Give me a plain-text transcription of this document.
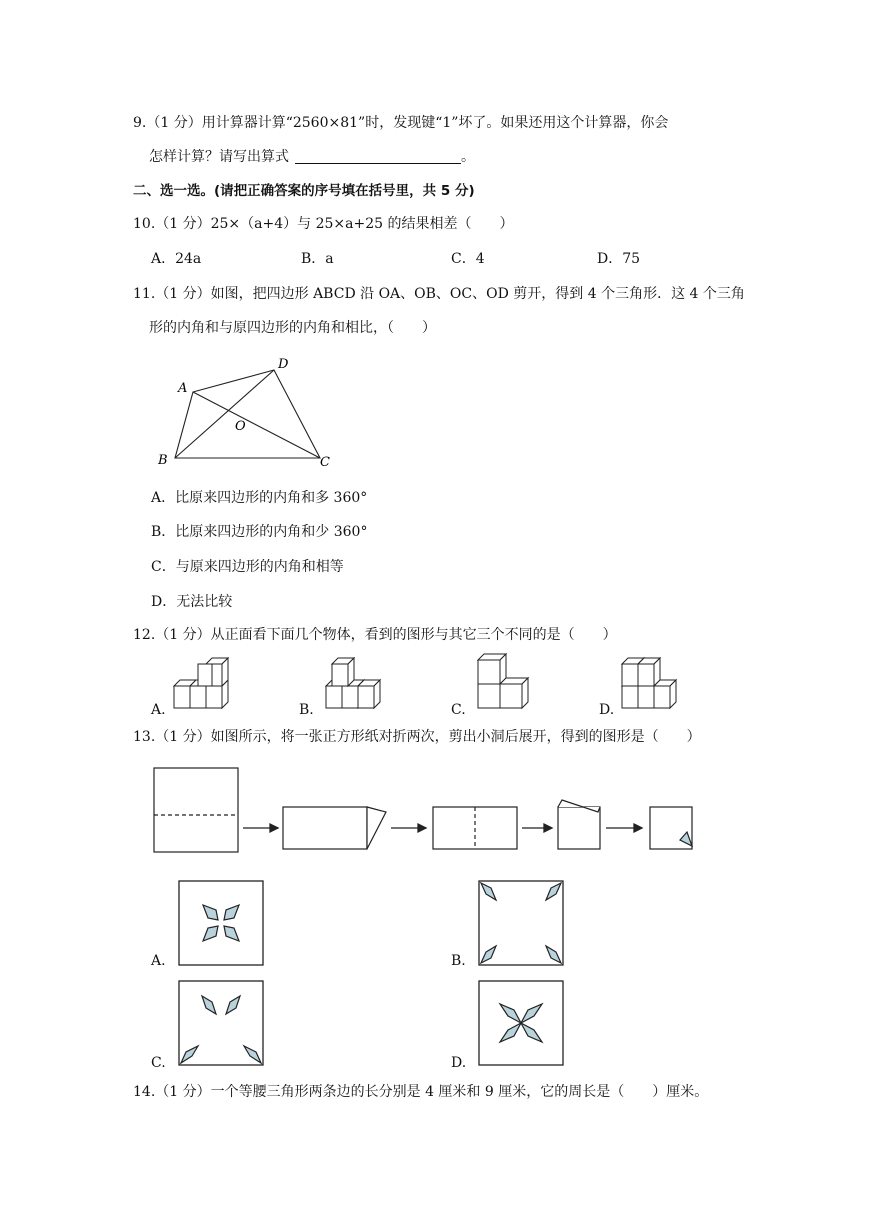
9.（1 分）用计算器计算“2560×81”时，发现键“1”坏了。如果还用这个计算器，你会
怎样计算？请写出算式	。
二、选一选。(请把正确答案的序号填在括号里，共 5 分)
10.（1 分）25×（a+4）与 25×a+25 的结果相差（　　）
A．24a	B．a	C．4	D．75
11.（1 分）如图，把四边形 ABCD 沿 OA、OB、OC、OD 剪开，得到 4 个三角形．这 4 个三角
形的内角和与原四边形的内角和相比，（　　）
A
D
O
B	C
A．比原来四边形的内角和多 360°
B．比原来四边形的内角和少 360°
C．与原来四边形的内角和相等
D．无法比较
12.（1 分）从正面看下面几个物体，看到的图形与其它三个不同的是（　　）
A.	B.	C.	D.
13.（1 分）如图所示，将一张正方形纸对折两次，剪出小洞后展开，得到的图形是（　　）
A.	B.
C.	D.
14.（1 分）一个等腰三角形两条边的长分别是 4 厘米和 9 厘米，它的周长是（　　）厘米。
